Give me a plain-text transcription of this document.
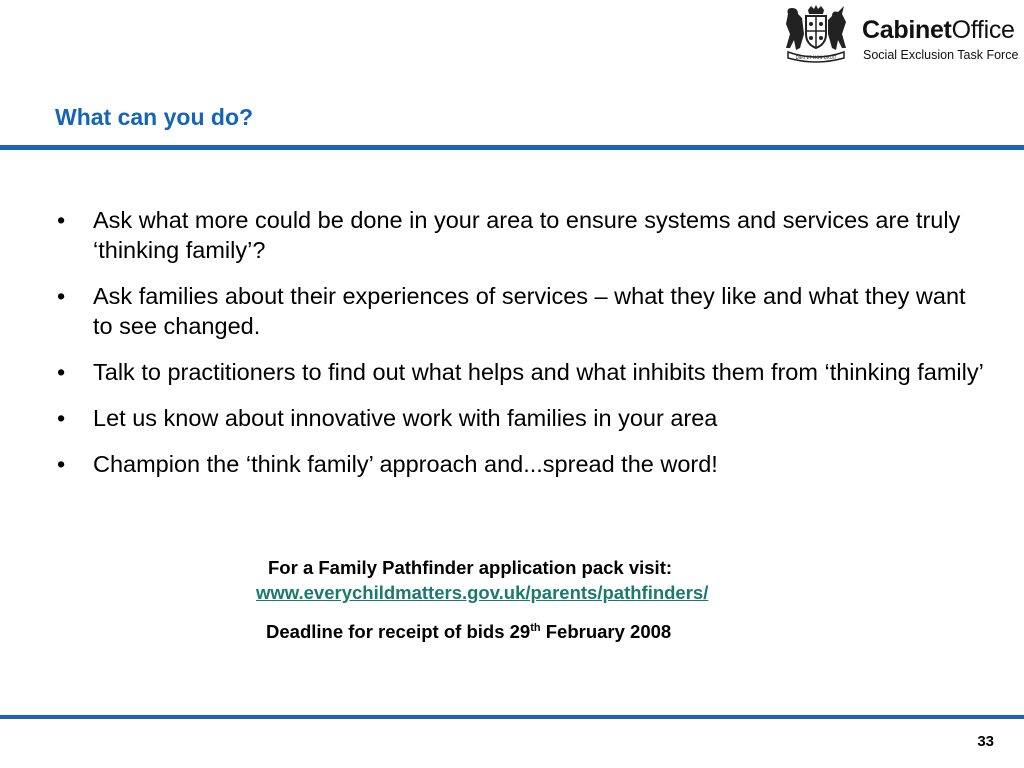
DIEU ET MON DROIT
CabinetOffice
Social Exclusion Task Force
What can you do?
• Ask what more could be done in your area to ensure systems and services are truly ‘thinking family’?
• Ask families about their experiences of services – what they like and what they want to see changed.
• Talk to practitioners to find out what helps and what inhibits them from ‘thinking family’
• Let us know about innovative work with families in your area
• Champion the ‘think family’ approach and...spread the word!
For a Family Pathfinder application pack visit:
www.everychildmatters.gov.uk/parents/pathfinders/
Deadline for receipt of bids 29th February 2008
33
